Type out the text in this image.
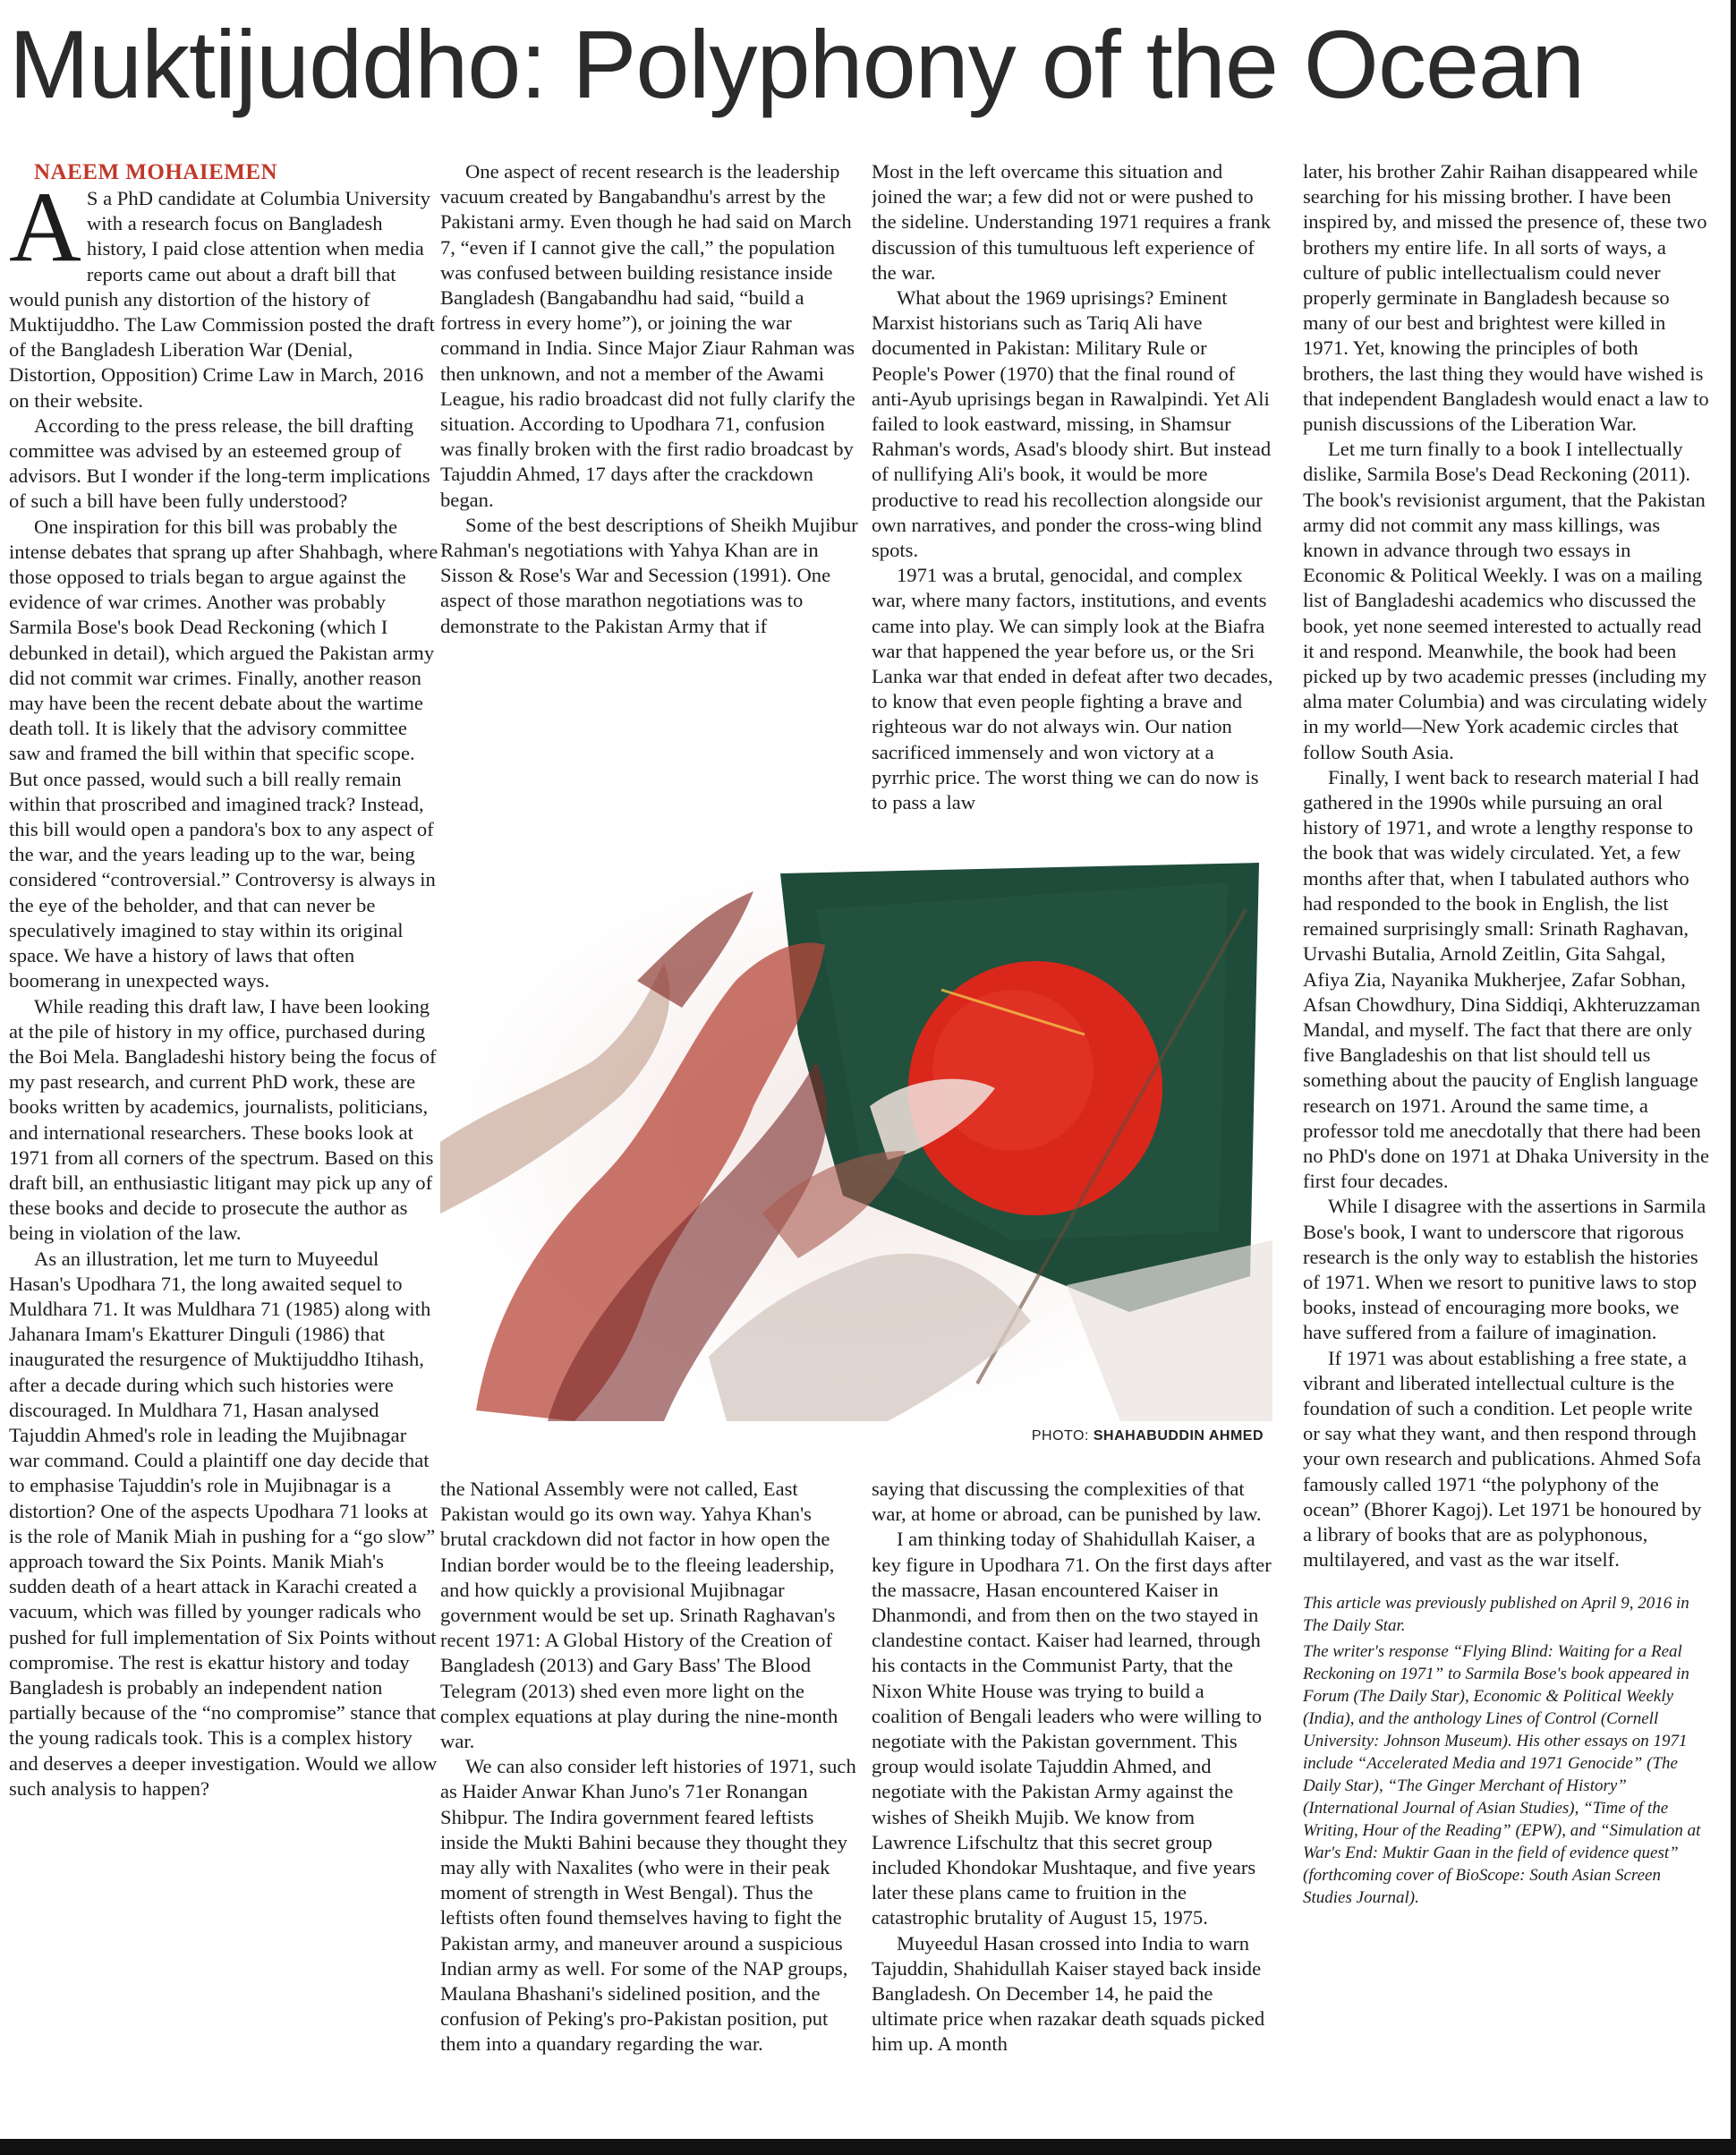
Muktijuddho: Polyphony of the Ocean

NAEEM MOHAIEMEN

A S a PhD candidate at Columbia University with a research focus on Bangladesh history, I paid close attention when media reports came out about a draft bill that would punish any distortion of the history of Muktijuddho. The Law Commission posted the draft of the Bangladesh Liberation War (Denial, Distortion, Opposition) Crime Law in March, 2016 on their website.

According to the press release, the bill drafting committee was advised by an esteemed group of advisors. But I wonder if the long-term implications of such a bill have been fully understood?

One inspiration for this bill was probably the intense debates that sprang up after Shahbagh, where those opposed to trials began to argue against the evidence of war crimes. Another was probably Sarmila Bose's book Dead Reckoning (which I debunked in detail), which argued the Pakistan army did not commit war crimes. Finally, another reason may have been the recent debate about the wartime death toll. It is likely that the advisory committee saw and framed the bill within that specific scope. But once passed, would such a bill really remain within that proscribed and imagined track? Instead, this bill would open a pandora's box to any aspect of the war, and the years leading up to the war, being considered “controversial.” Controversy is always in the eye of the beholder, and that can never be speculatively imagined to stay within its original space. We have a history of laws that often boomerang in unexpected ways.

While reading this draft law, I have been looking at the pile of history in my office, purchased during the Boi Mela. Bangladeshi history being the focus of my past research, and current PhD work, these are books written by academics, journalists, politicians, and international researchers. These books look at 1971 from all corners of the spectrum. Based on this draft bill, an enthusiastic litigant may pick up any of these books and decide to prosecute the author as being in violation of the law.

As an illustration, let me turn to Muyeedul Hasan's Upodhara 71, the long awaited sequel to Muldhara 71. It was Muldhara 71 (1985) along with Jahanara Imam's Ekatturer Dinguli (1986) that inaugurated the resurgence of Muktijuddho Itihash, after a decade during which such histories were discouraged. In Muldhara 71, Hasan analysed Tajuddin Ahmed's role in leading the Mujibnagar war command. Could a plaintiff one day decide that to emphasise Tajuddin's role in Mujibnagar is a distortion? One of the aspects Upodhara 71 looks at is the role of Manik Miah in pushing for a “go slow” approach toward the Six Points. Manik Miah's sudden death of a heart attack in Karachi created a vacuum, which was filled by younger radicals who pushed for full implementation of Six Points without compromise. The rest is ekattur history and today Bangladesh is probably an independent nation partially because of the “no compromise” stance that the young radicals took. This is a complex history and deserves a deeper investigation. Would we allow such analysis to happen?

One aspect of recent research is the leadership vacuum created by Bangabandhu's arrest by the Pakistani army. Even though he had said on March 7, “even if I cannot give the call,” the population was confused between building resistance inside Bangladesh (Bangabandhu had said, “build a fortress in every home”), or joining the war command in India. Since Major Ziaur Rahman was then unknown, and not a member of the Awami League, his radio broadcast did not fully clarify the situation. According to Upodhara 71, confusion was finally broken with the first radio broadcast by Tajuddin Ahmed, 17 days after the crackdown began.

Some of the best descriptions of Sheikh Mujibur Rahman's negotiations with Yahya Khan are in Sisson & Rose's War and Secession (1991). One aspect of those marathon negotiations was to demonstrate to the Pakistan Army that if

Most in the left overcame this situation and joined the war; a few did not or were pushed to the sideline. Understanding 1971 requires a frank discussion of this tumultuous left experience of the war.

What about the 1969 uprisings? Eminent Marxist historians such as Tariq Ali have documented in Pakistan: Military Rule or People's Power (1970) that the final round of anti-Ayub uprisings began in Rawalpindi. Yet Ali failed to look eastward, missing, in Shamsur Rahman's words, Asad's bloody shirt. But instead of nullifying Ali's book, it would be more productive to read his recollection alongside our own narratives, and ponder the cross-wing blind spots.

1971 was a brutal, genocidal, and complex war, where many factors, institutions, and events came into play. We can simply look at the Biafra war that happened the year before us, or the Sri Lanka war that ended in defeat after two decades, to know that even people fighting a brave and righteous war do not always win. Our nation sacrificed immensely and won victory at a pyrrhic price. The worst thing we can do now is to pass a law

PHOTO: SHAHABUDDIN AHMED

the National Assembly were not called, East Pakistan would go its own way. Yahya Khan's brutal crackdown did not factor in how open the Indian border would be to the fleeing leadership, and how quickly a provisional Mujibnagar government would be set up. Srinath Raghavan's recent 1971: A Global History of the Creation of Bangladesh (2013) and Gary Bass' The Blood Telegram (2013) shed even more light on the complex equations at play during the nine-month war.

We can also consider left histories of 1971, such as Haider Anwar Khan Juno's 71er Ronangan Shibpur. The Indira government feared leftists inside the Mukti Bahini because they thought they may ally with Naxalites (who were in their peak moment of strength in West Bengal). Thus the leftists often found themselves having to fight the Pakistan army, and maneuver around a suspicious Indian army as well. For some of the NAP groups, Maulana Bhashani's sidelined position, and the confusion of Peking's pro-Pakistan position, put them into a quandary regarding the war.

saying that discussing the complexities of that war, at home or abroad, can be punished by law.

I am thinking today of Shahidullah Kaiser, a key figure in Upodhara 71. On the first days after the massacre, Hasan encountered Kaiser in Dhanmondi, and from then on the two stayed in clandestine contact. Kaiser had learned, through his contacts in the Communist Party, that the Nixon White House was trying to build a coalition of Bengali leaders who were willing to negotiate with the Pakistan government. This group would isolate Tajuddin Ahmed, and negotiate with the Pakistan Army against the wishes of Sheikh Mujib. We know from Lawrence Lifschultz that this secret group included Khondokar Mushtaque, and five years later these plans came to fruition in the catastrophic brutality of August 15, 1975.

Muyeedul Hasan crossed into India to warn Tajuddin, Shahidullah Kaiser stayed back inside Bangladesh. On December 14, he paid the ultimate price when razakar death squads picked him up. A month

later, his brother Zahir Raihan disappeared while searching for his missing brother. I have been inspired by, and missed the presence of, these two brothers my entire life. In all sorts of ways, a culture of public intellectualism could never properly germinate in Bangladesh because so many of our best and brightest were killed in 1971. Yet, knowing the principles of both brothers, the last thing they would have wished is that independent Bangladesh would enact a law to punish discussions of the Liberation War.

Let me turn finally to a book I intellectually dislike, Sarmila Bose's Dead Reckoning (2011). The book's revisionist argument, that the Pakistan army did not commit any mass killings, was known in advance through two essays in Economic & Political Weekly. I was on a mailing list of Bangladeshi academics who discussed the book, yet none seemed interested to actually read it and respond. Meanwhile, the book had been picked up by two academic presses (including my alma mater Columbia) and was circulating widely in my world—New York academic circles that follow South Asia.

Finally, I went back to research material I had gathered in the 1990s while pursuing an oral history of 1971, and wrote a lengthy response to the book that was widely circulated. Yet, a few months after that, when I tabulated authors who had responded to the book in English, the list remained surprisingly small: Srinath Raghavan, Urvashi Butalia, Arnold Zeitlin, Gita Sahgal, Afiya Zia, Nayanika Mukherjee, Zafar Sobhan, Afsan Chowdhury, Dina Siddiqi, Akhteruzzaman Mandal, and myself. The fact that there are only five Bangladeshis on that list should tell us something about the paucity of English language research on 1971. Around the same time, a professor told me anecdotally that there had been no PhD's done on 1971 at Dhaka University in the first four decades.

While I disagree with the assertions in Sarmila Bose's book, I want to underscore that rigorous research is the only way to establish the histories of 1971. When we resort to punitive laws to stop books, instead of encouraging more books, we have suffered from a failure of imagination.

If 1971 was about establishing a free state, a vibrant and liberated intellectual culture is the foundation of such a condition. Let people write or say what they want, and then respond through your own research and publications. Ahmed Sofa famously called 1971 “the polyphony of the ocean” (Bhorer Kagoj). Let 1971 be honoured by a library of books that are as polyphonous, multilayered, and vast as the war itself.

This article was previously published on April 9, 2016 in The Daily Star.

The writer's response “Flying Blind: Waiting for a Real Reckoning on 1971” to Sarmila Bose's book appeared in Forum (The Daily Star), Economic & Political Weekly (India), and the anthology Lines of Control (Cornell University: Johnson Museum). His other essays on 1971 include “Accelerated Media and 1971 Genocide” (The Daily Star), “The Ginger Merchant of History” (International Journal of Asian Studies), “Time of the Writing, Hour of the Reading” (EPW), and “Simulation at War's End: Muktir Gaan in the field of evidence quest” (forthcoming cover of BioScope: South Asian Screen Studies Journal).
